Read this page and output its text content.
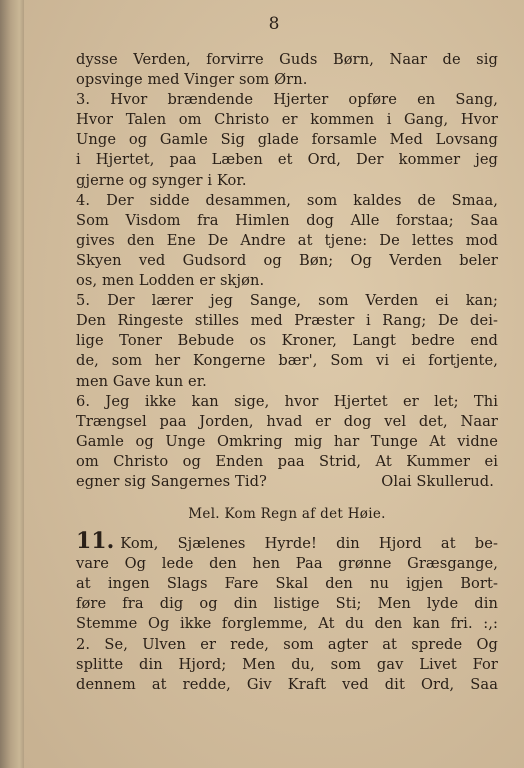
8
dysse Verden, forvirre Guds Børn, Naar de sig
opsvinge med Vinger som Ørn.
3. Hvor brændende Hjerter opføre en Sang,
Hvor Talen om Christo er kommen i Gang, Hvor
Unge og Gamle Sig glade forsamle Med Lovsang
i Hjertet, paa Læben et Ord, Der kommer jeg
gjerne og synger i Kor.
4. Der sidde desammen, som kaldes de Smaa,
Som Visdom fra Himlen dog Alle forstaa; Saa
gives den Ene De Andre at tjene: De lettes mod
Skyen ved Gudsord og Bøn; Og Verden beler
os, men Lodden er skjøn.
5. Der lærer jeg Sange, som Verden ei kan;
Den Ringeste stilles med Præster i Rang; De dei-
lige Toner Bebude os Kroner, Langt bedre end
de, som her Kongerne bær', Som vi ei fortjente,
men Gave kun er.
6. Jeg ikke kan sige, hvor Hjertet er let; Thi
Trængsel paa Jorden, hvad er dog vel det, Naar
Gamle og Unge Omkring mig har Tunge At vidne
om Christo og Enden paa Strid, At Kummer ei
egner sig Sangernes Tid?	Olai Skullerud.
Mel. Kom Regn af det Høie.
11. Kom, Sjælenes Hyrde! din Hjord at be-
vare Og lede den hen Paa grønne Græsgange,
at ingen Slags Fare Skal den nu igjen Bort-
føre fra dig og din listige Sti; Men lyde din
Stemme Og ikke forglemme, At du den kan fri. :,:
2. Se, Ulven er rede, som agter at sprede Og
splitte din Hjord; Men du, som gav Livet For
dennem at redde, Giv Kraft ved dit Ord, Saa
